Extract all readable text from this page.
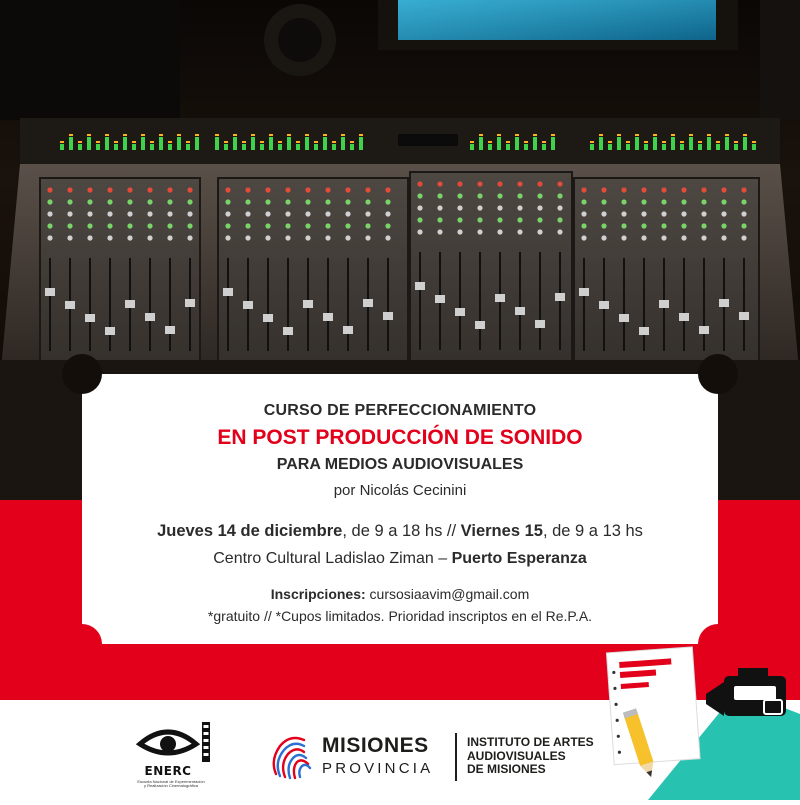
CURSO DE PERFECCIONAMIENTO
EN POST PRODUCCIÓN DE SONIDO
PARA MEDIOS AUDIOVISUALES
por Nicolás Cecinini
Jueves 14 de diciembre, de 9 a 18 hs // Viernes 15, de 9 a 13 hs
Centro Cultural Ladislao Ziman – Puerto Esperanza
Inscripciones: cursosiaavim@gmail.com
*gratuito // *Cupos limitados. Prioridad inscriptos en el Re.P.A.
ENERC
Escuela Nacional de Experimentación y Realización Cinematográfica
MISIONES
PROVINCIA
INSTITUTO DE ARTES
AUDIOVISUALES
DE MISIONES
